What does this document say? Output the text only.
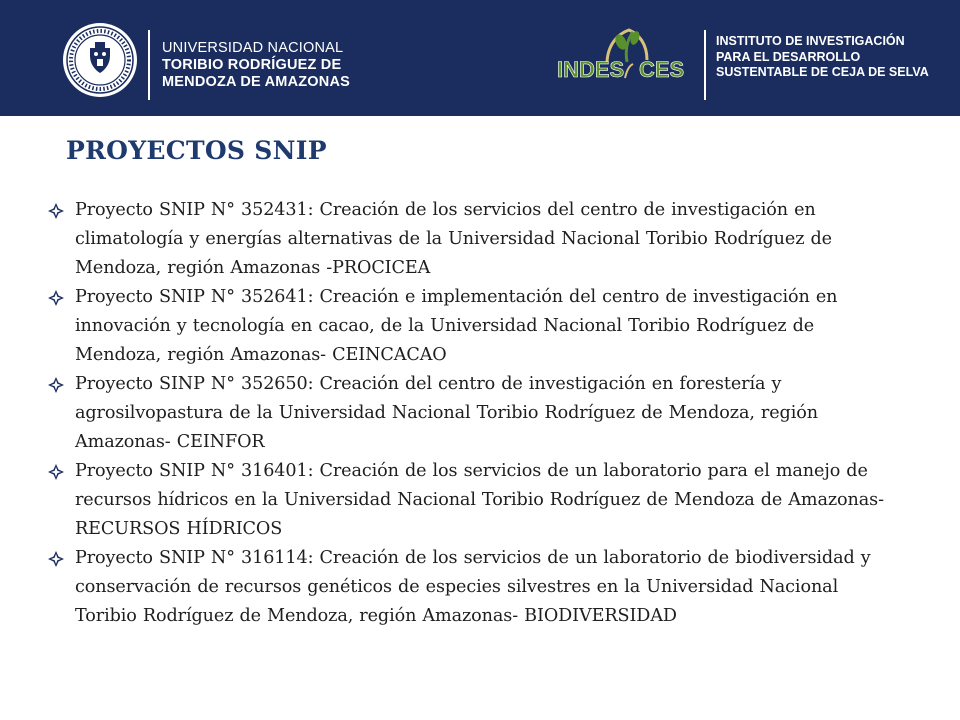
UNIVERSIDAD NACIONAL
TORIBIO RODRÍGUEZ DE
MENDOZA DE AMAZONAS	INDES CES
INSTITUTO DE INVESTIGACIÓN
PARA EL DESARROLLO
SUSTENTABLE DE CEJA DE SELVA
PROYECTOS SNIP
Proyecto SNIP N° 352431: Creación de los servicios del centro de investigación en climatología y energías alternativas de la Universidad Nacional Toribio Rodríguez de Mendoza, región Amazonas -PROCICEA
Proyecto SNIP N° 352641: Creación e implementación del centro de investigación en innovación y tecnología en cacao, de la Universidad Nacional Toribio Rodríguez de Mendoza, región Amazonas- CEINCACAO
Proyecto SINP N° 352650: Creación del centro de investigación en forestería y agrosilvopastura de la Universidad Nacional Toribio Rodríguez de Mendoza, región Amazonas- CEINFOR
Proyecto SNIP N° 316401: Creación de los servicios de un laboratorio para el manejo de recursos hídricos en la Universidad Nacional Toribio Rodríguez de Mendoza de Amazonas- RECURSOS HÍDRICOS
Proyecto SNIP N° 316114: Creación de los servicios de un laboratorio de biodiversidad y conservación de recursos genéticos de especies silvestres en la Universidad Nacional Toribio Rodríguez de Mendoza, región Amazonas- BIODIVERSIDAD
